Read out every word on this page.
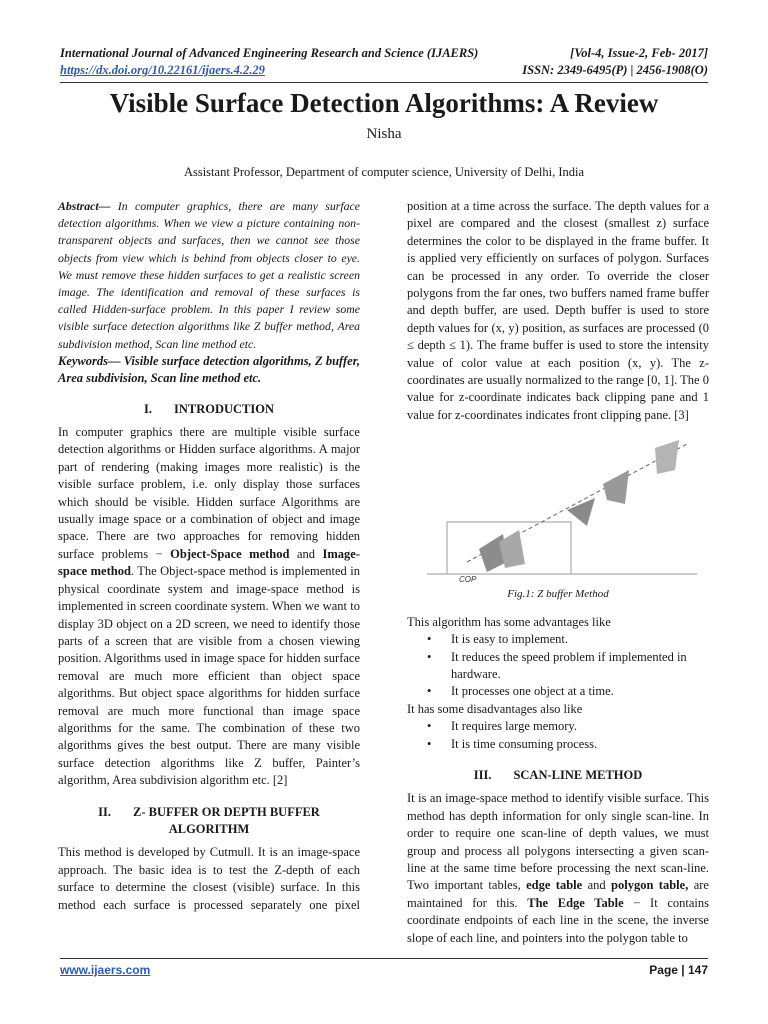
International Journal of Advanced Engineering Research and Science (IJAERS)
https://dx.doi.org/10.22161/ijaers.4.2.29
[Vol-4, Issue-2, Feb- 2017]
ISSN: 2349-6495(P) | 2456-1908(O)
Visible Surface Detection Algorithms: A Review
Nisha
Assistant Professor, Department of computer science, University of Delhi, India

Abstract— In computer graphics, there are many surface detection algorithms. When we view a picture containing non-transparent objects and surfaces, then we cannot see those objects from view which is behind from objects closer to eye. We must remove these hidden surfaces to get a realistic screen image. The identification and removal of these surfaces is called Hidden-surface problem. In this paper I review some visible surface detection algorithms like Z buffer method, Area subdivision method, Scan line method etc.

Keywords— Visible surface detection algorithms, Z buffer, Area subdivision, Scan line method etc.

I. INTRODUCTION

In computer graphics there are multiple visible surface detection algorithms or Hidden surface algorithms. A major part of rendering (making images more realistic) is the visible surface problem, i.e. only display those surfaces which should be visible. Hidden surface Algorithms are usually image space or a combination of object and image space. There are two approaches for removing hidden surface problems − Object-Space method and Image-space method. The Object-space method is implemented in physical coordinate system and image-space method is implemented in screen coordinate system. When we want to display 3D object on a 2D screen, we need to identify those parts of a screen that are visible from a chosen viewing position. Algorithms used in image space for hidden surface removal are much more efficient than object space algorithms. But object space algorithms for hidden surface removal are much more functional than image space algorithms for the same. The combination of these two algorithms gives the best output. There are many visible surface detection algorithms like Z buffer, Painter’s algorithm, Area subdivision algorithm etc. [2]

II. Z- BUFFER OR DEPTH BUFFER ALGORITHM

This method is developed by Cutmull. It is an image-space approach. The basic idea is to test the Z-depth of each surface to determine the closest (visible) surface. In this method each surface is processed separately one pixel

position at a time across the surface. The depth values for a pixel are compared and the closest (smallest z) surface determines the color to be displayed in the frame buffer. It is applied very efficiently on surfaces of polygon. Surfaces can be processed in any order. To override the closer polygons from the far ones, two buffers named frame buffer and depth buffer, are used. Depth buffer is used to store depth values for (x, y) position, as surfaces are processed (0 ≤ depth ≤ 1). The frame buffer is used to store the intensity value of color value at each position (x, y). The z-coordinates are usually normalized to the range [0, 1]. The 0 value for z-coordinate indicates back clipping pane and 1 value for z-coordinates indicates front clipping pane. [3]

COP
Fig.1: Z buffer Method
This algorithm has some advantages like
• It is easy to implement.
• It reduces the speed problem if implemented in hardware.
• It processes one object at a time.
It has some disadvantages also like
• It requires large memory.
• It is time consuming process.
III. SCAN-LINE METHOD

It is an image-space method to identify visible surface. This method has depth information for only single scan-line. In order to require one scan-line of depth values, we must group and process all polygons intersecting a given scan-line at the same time before processing the next scan-line. Two important tables, edge table and polygon table, are maintained for this. The Edge Table − It contains coordinate endpoints of each line in the scene, the inverse slope of each line, and pointers into the polygon table to

www.ijaers.com	Page | 147
